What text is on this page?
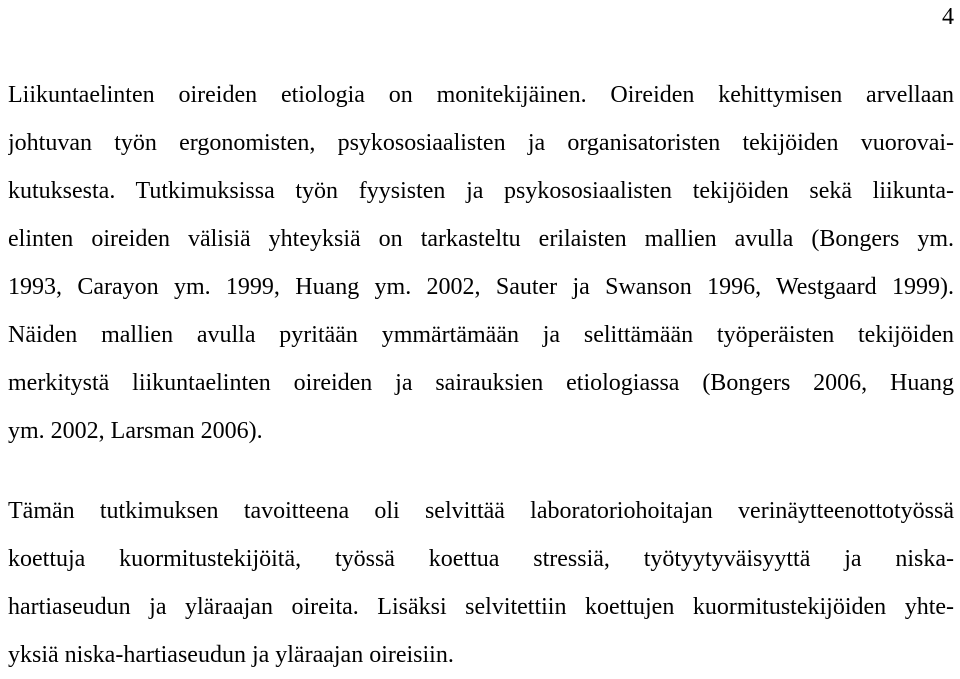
4
Liikuntaelinten oireiden etiologia on monitekijäinen. Oireiden kehittymisen arvellaan
johtuvan työn ergonomisten, psykososiaalisten ja organisatoristen tekijöiden vuorovai-
kutuksesta. Tutkimuksissa työn fyysisten ja psykososiaalisten tekijöiden sekä liikunta-
elinten oireiden välisiä yhteyksiä on tarkasteltu erilaisten mallien avulla (Bongers ym.
1993, Carayon ym. 1999, Huang ym. 2002, Sauter ja Swanson 1996, Westgaard 1999).
Näiden mallien avulla pyritään ymmärtämään ja selittämään työperäisten tekijöiden
merkitystä liikuntaelinten oireiden ja sairauksien etiologiassa (Bongers 2006, Huang
ym. 2002, Larsman 2006).
Tämän tutkimuksen tavoitteena oli selvittää laboratoriohoitajan verinäytteenottotyössä
koettuja kuormitustekijöitä, työssä koettua stressiä, työtyytyväisyyttä ja niska-
hartiaseudun ja yläraajan oireita. Lisäksi selvitettiin koettujen kuormitustekijöiden yhte-
yksiä niska-hartiaseudun ja yläraajan oireisiin.
